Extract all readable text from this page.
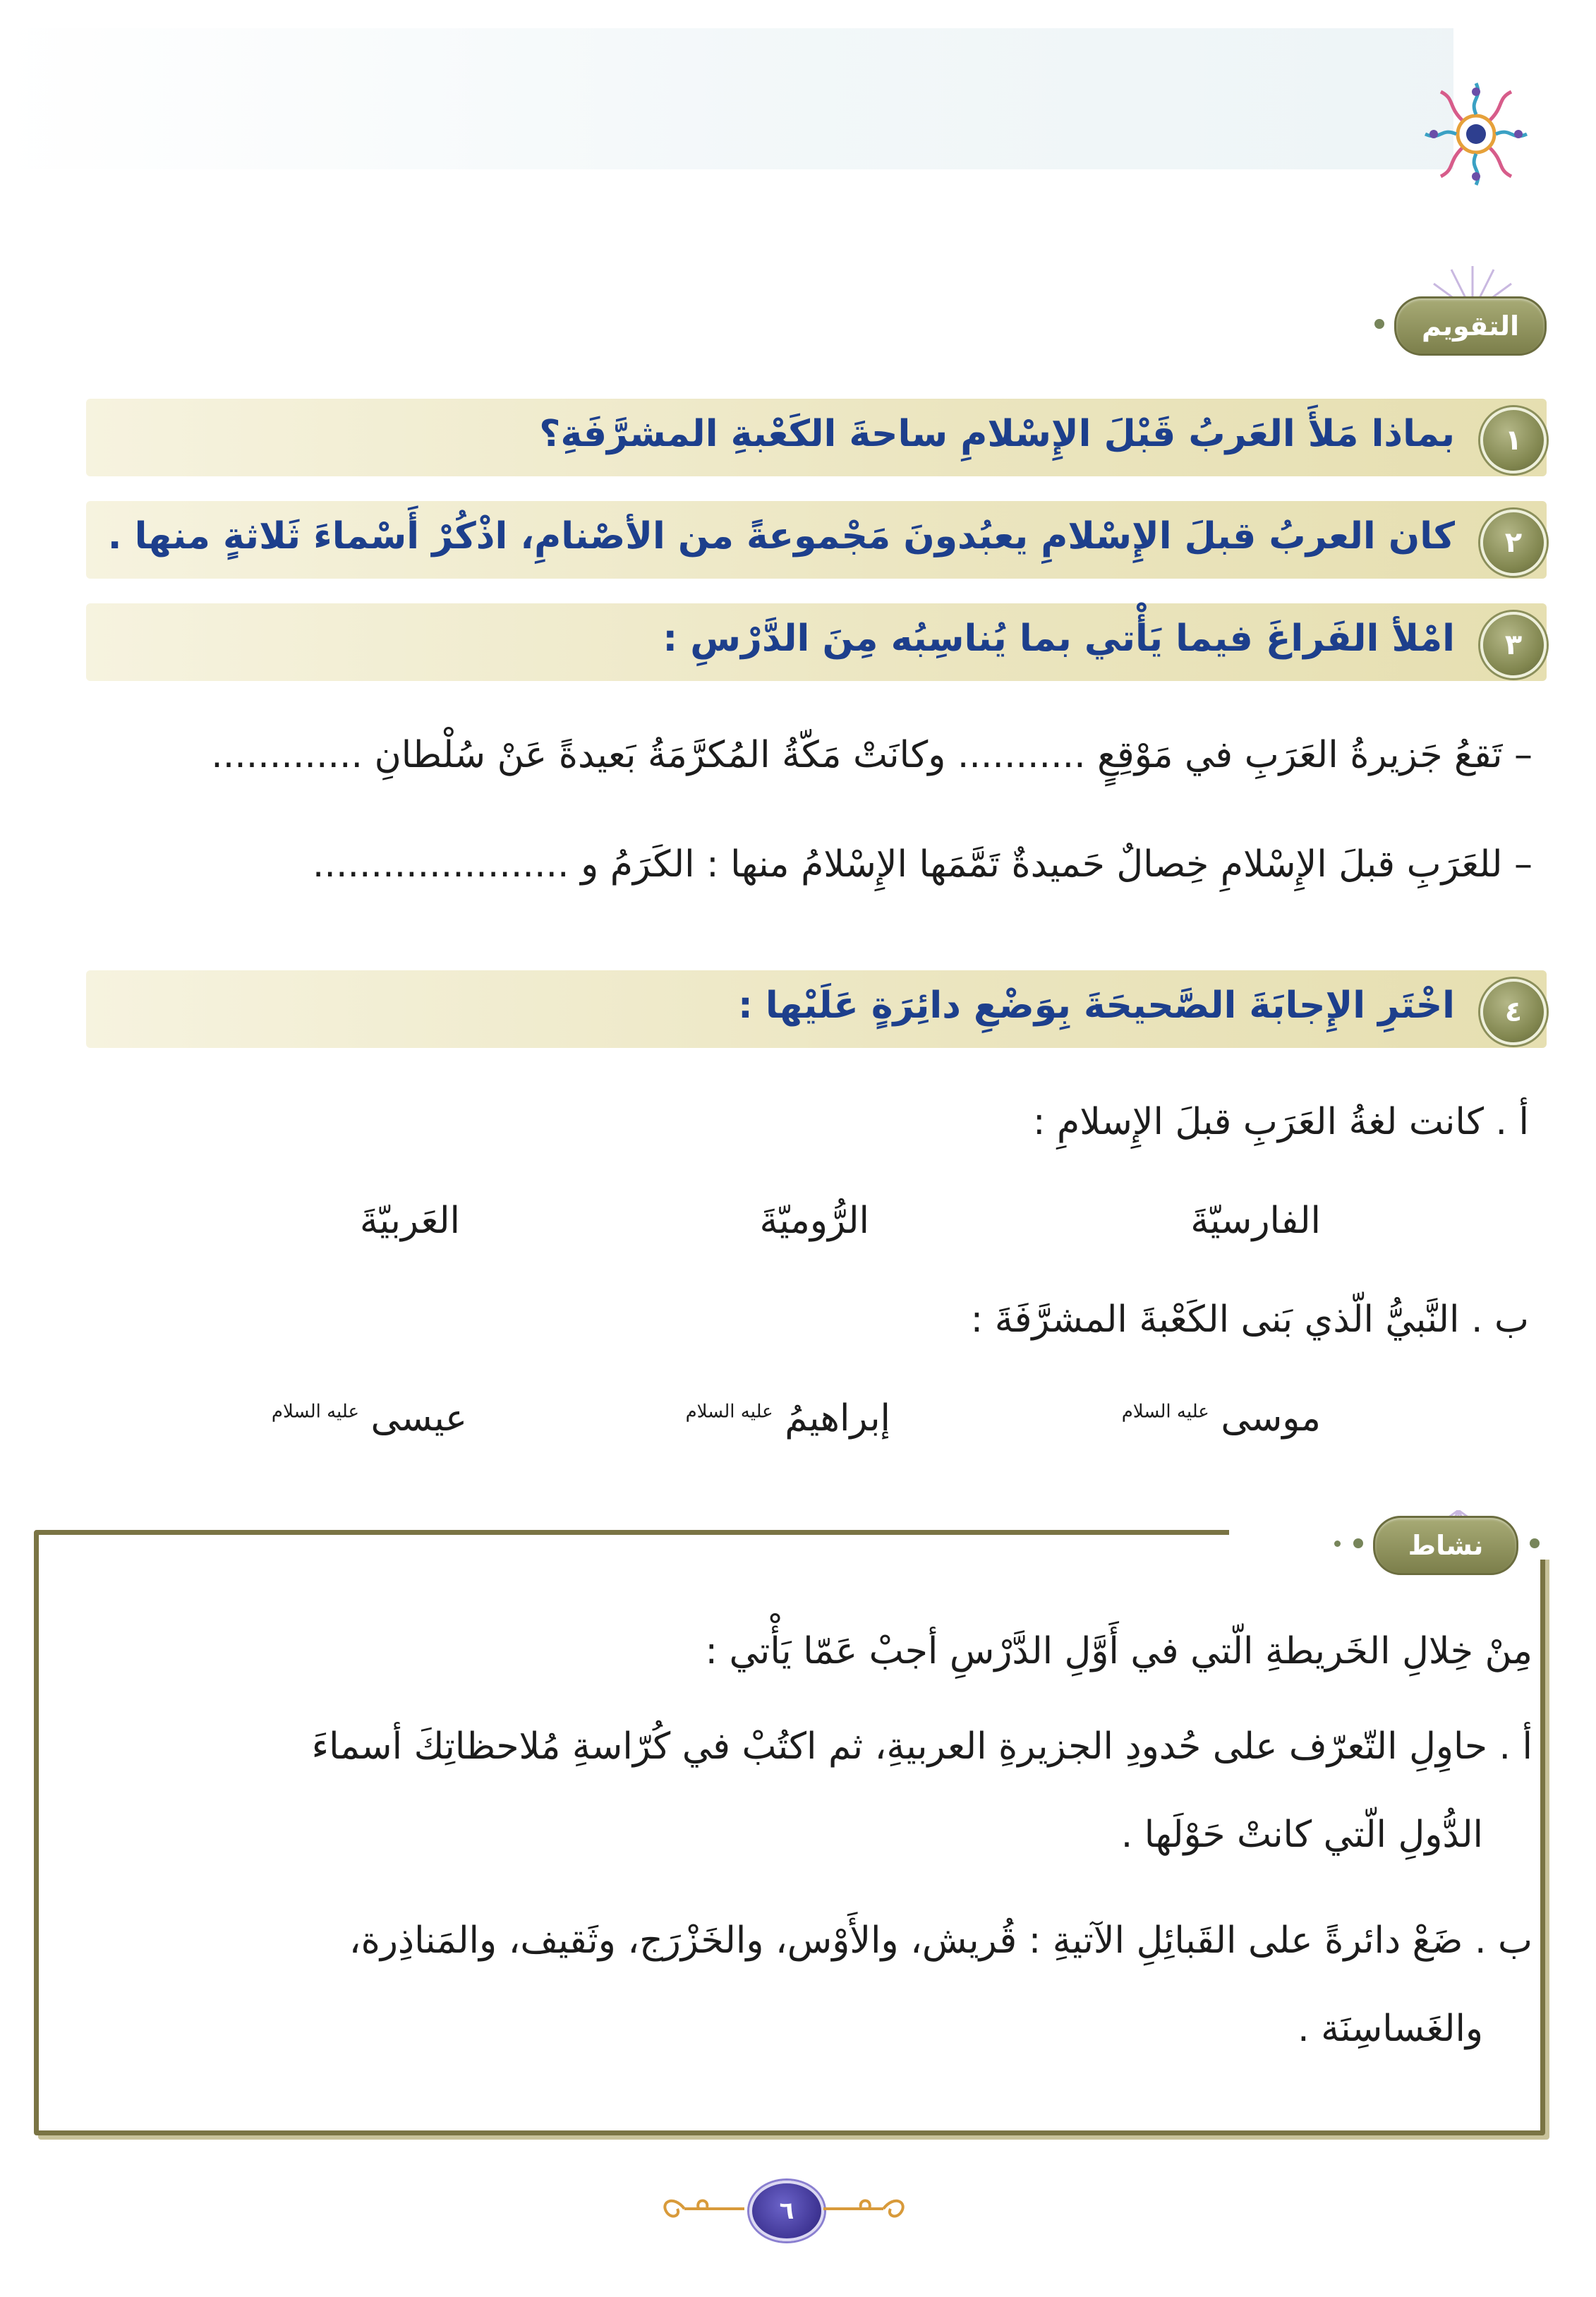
التقويم
١
بماذا مَلأَ العَربُ قَبْلَ الإِسْلامِ ساحةَ الكَعْبةِ المشرَّفَةِ؟
٢
كان العربُ قبلَ الإِسْلامِ يعبُدونَ مَجْموعةً من الأصْنامِ، اذْكُرْ أَسْماءَ ثَلاثةٍ منها .
٣
امْلأ الفَراغَ فيما يَأْتي بما يُناسِبُه مِنَ الدَّرْسِ :
– تَقعُ جَزيرةُ العَرَبِ في مَوْقِعٍ ........... وكانَتْ مَكّةُ المُكرَّمَةُ بَعيدةً عَنْ سُلْطانِ .............
– للعَرَبِ قبلَ الإِسْلامِ خِصالٌ حَميدةٌ تَمَّمَها الإِسْلامُ منها : الكَرَمُ و ......................
٤
اخْتَرِ الإِجابَةَ الصَّحيحَةَ بِوَضْعِ دائِرَةٍ عَلَيْها :
أ . كانت لغةُ العَرَبِ قبلَ الإِسلامِ :
الفارسيّةَ
الرُّوميّةَ
العَربيّةَ
ب . النَّبيُّ الّذي بَنى الكَعْبةَ المشرَّفَةَ :
موسى $^{عليه السلام}$
إبراهيمُ $^{عليه السلام}$
عيسى $^{عليه السلام}$
نشاط
مِنْ خِلالِ الخَريطةِ الّتي في أَوَّلِ الدَّرْسِ أجبْ عَمّا يَأْتي :
أ . حاوِلِ التّعرّف على حُدودِ الجزيرةِ العربيةِ، ثم اكتُبْ في كُرّاسةِ مُلاحظاتِكَ أسماءَ
الدُّولِ الّتي كانتْ حَوْلَها .
ب . ضَعْ دائرةً على القَبائِلِ الآتيةِ : قُريش، والأَوْس، والخَزْرَج، وثَقيف، والمَناذِرة،
والغَساسِنَة .
٦
